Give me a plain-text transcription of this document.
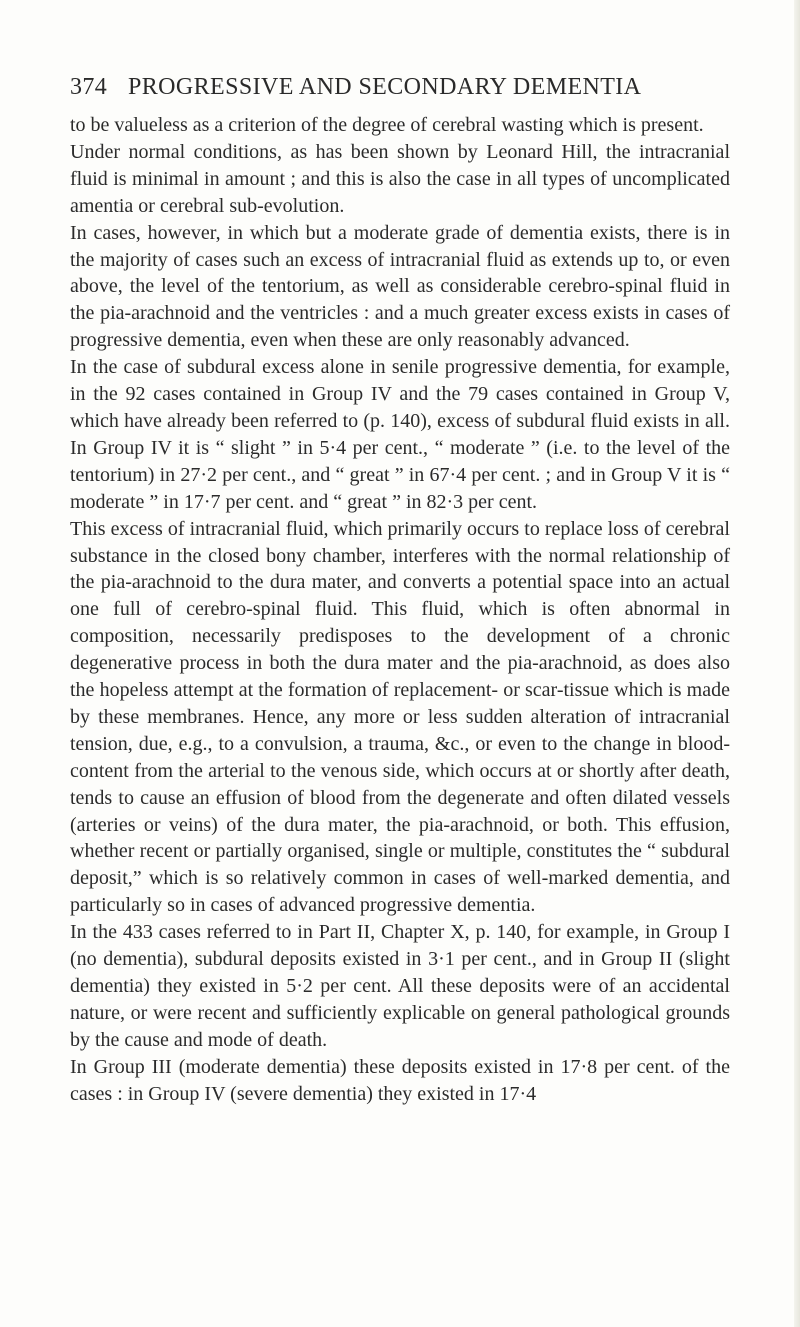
374 PROGRESSIVE AND SECONDARY DEMENTIA

to be valueless as a criterion of the degree of cerebral wasting which is present.

Under normal conditions, as has been shown by Leonard Hill, the intracranial fluid is minimal in amount ; and this is also the case in all types of uncomplicated amentia or cerebral sub-evolution.

In cases, however, in which but a moderate grade of dementia exists, there is in the majority of cases such an excess of intracranial fluid as extends up to, or even above, the level of the tentorium, as well as considerable cerebro-spinal fluid in the pia-arachnoid and the ventricles : and a much greater excess exists in cases of progressive dementia, even when these are only reasonably advanced.

In the case of subdural excess alone in senile progressive dementia, for example, in the 92 cases contained in Group IV and the 79 cases contained in Group V, which have already been referred to (p. 140), excess of subdural fluid exists in all. In Group IV it is “ slight ” in 5·4 per cent., “ moderate ” (i.e. to the level of the tentorium) in 27·2 per cent., and “ great ” in 67·4 per cent. ; and in Group V it is “ moderate ” in 17·7 per cent. and “ great ” in 82·3 per cent.

This excess of intracranial fluid, which primarily occurs to replace loss of cerebral substance in the closed bony chamber, interferes with the normal relationship of the pia-arachnoid to the dura mater, and converts a potential space into an actual one full of cerebro-spinal fluid. This fluid, which is often abnormal in composition, necessarily predisposes to the development of a chronic degenerative process in both the dura mater and the pia-arachnoid, as does also the hopeless attempt at the formation of replacement- or scar-tissue which is made by these membranes. Hence, any more or less sudden alteration of intracranial tension, due, e.g., to a convulsion, a trauma, &c., or even to the change in blood-content from the arterial to the venous side, which occurs at or shortly after death, tends to cause an effusion of blood from the degenerate and often dilated vessels (arteries or veins) of the dura mater, the pia-arachnoid, or both. This effusion, whether recent or partially organised, single or multiple, constitutes the “ subdural deposit,” which is so relatively common in cases of well-marked dementia, and particularly so in cases of advanced progressive dementia.

In the 433 cases referred to in Part II, Chapter X, p. 140, for example, in Group I (no dementia), subdural deposits existed in 3·1 per cent., and in Group II (slight dementia) they existed in 5·2 per cent. All these deposits were of an accidental nature, or were recent and sufficiently explicable on general pathological grounds by the cause and mode of death.

In Group III (moderate dementia) these deposits existed in 17·8 per cent. of the cases : in Group IV (severe dementia) they existed in 17·4
